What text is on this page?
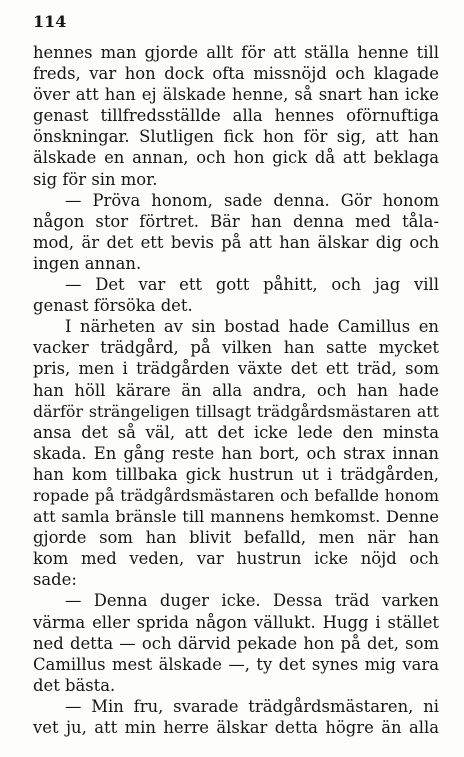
114

hennes man gjorde allt för att ställa henne till
freds, var hon dock ofta missnöjd och klagade
över att han ej älskade henne, så snart han icke
genast tillfredsställde alla hennes oförnuftiga
önskningar. Slutligen fick hon för sig, att han
älskade en annan, och hon gick då att beklaga
sig för sin mor.
— Pröva honom, sade denna. Gör honom
någon stor förtret. Bär han denna med tåla-
mod, är det ett bevis på att han älskar dig och
ingen annan.
— Det var ett gott påhitt, och jag vill
genast försöka det.
I närheten av sin bostad hade Camillus en
vacker trädgård, på vilken han satte mycket
pris, men i trädgården växte det ett träd, som
han höll kärare än alla andra, och han hade
därför strängeligen tillsagt trädgårdsmästaren att
ansa det så väl, att det icke lede den minsta
skada. En gång reste han bort, och strax innan
han kom tillbaka gick hustrun ut i trädgården,
ropade på trädgårdsmästaren och befallde honom
att samla bränsle till mannens hemkomst. Denne
gjorde som han blivit befalld, men när han
kom med veden, var hustrun icke nöjd och
sade:
— Denna duger icke. Dessa träd varken
värma eller sprida någon vällukt. Hugg i stället
ned detta — och därvid pekade hon på det, som
Camillus mest älskade —, ty det synes mig vara
det bästa.
— Min fru, svarade trädgårdsmästaren, ni
vet ju, att min herre älskar detta högre än alla
